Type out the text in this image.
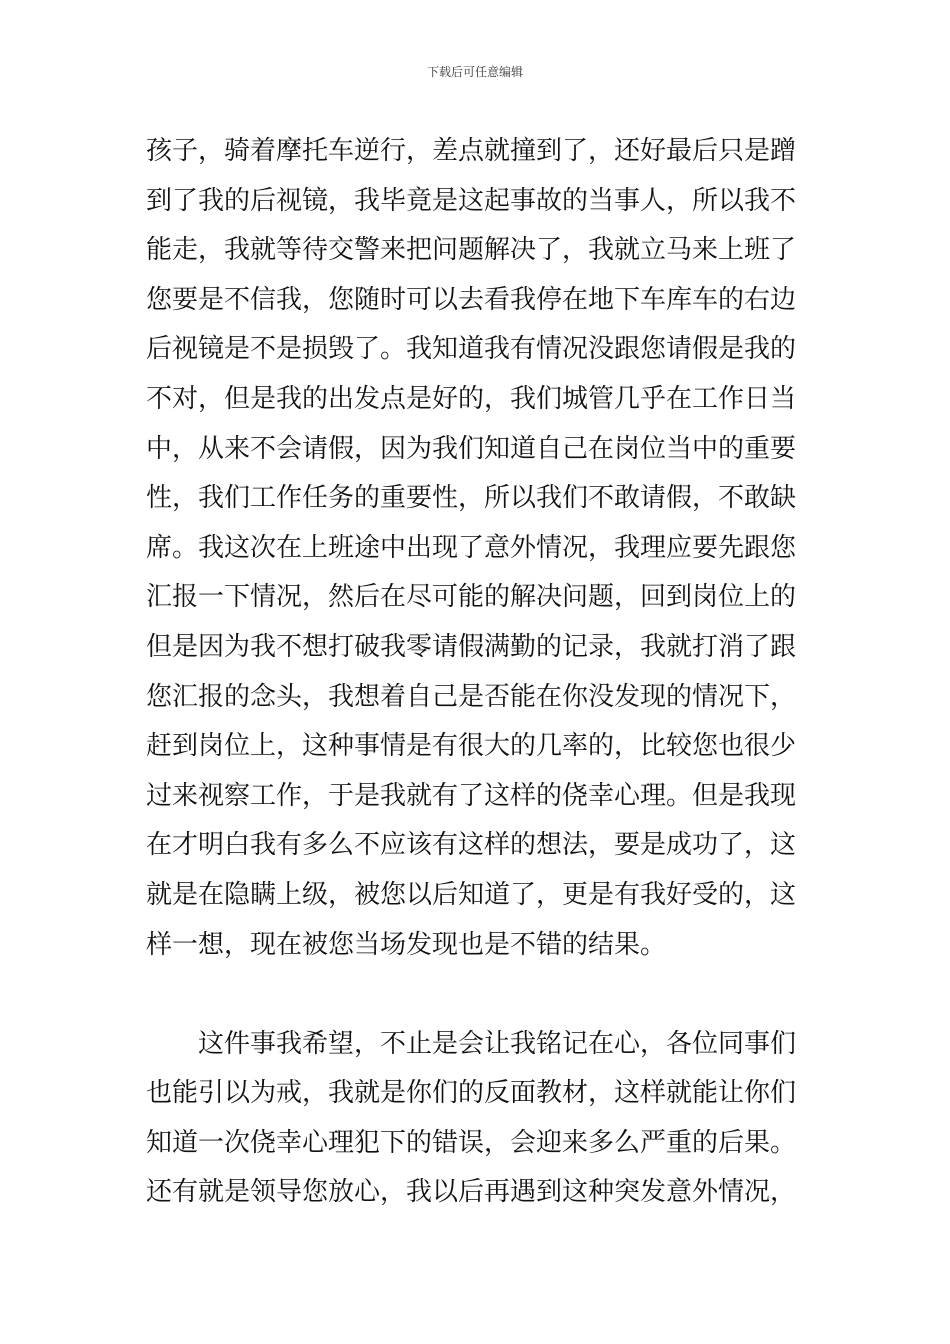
下载后可任意编辑
孩子，骑着摩托车逆行，差点就撞到了，还好最后只是蹭
到了我的后视镜，我毕竟是这起事故的当事人，所以我不
能走，我就等待交警来把问题解决了，我就立马来上班了
您要是不信我，您随时可以去看我停在地下车库车的右边
后视镜是不是损毁了。我知道我有情况没跟您请假是我的
不对，但是我的出发点是好的，我们城管几乎在工作日当
中，从来不会请假，因为我们知道自己在岗位当中的重要
性，我们工作任务的重要性，所以我们不敢请假，不敢缺
席。我这次在上班途中出现了意外情况，我理应要先跟您
汇报一下情况，然后在尽可能的解决问题，回到岗位上的
但是因为我不想打破我零请假满勤的记录，我就打消了跟
您汇报的念头，我想着自己是否能在你没发现的情况下，
赶到岗位上，这种事情是有很大的几率的，比较您也很少
过来视察工作，于是我就有了这样的侥幸心理。但是我现
在才明白我有多么不应该有这样的想法，要是成功了，这
就是在隐瞒上级，被您以后知道了，更是有我好受的，这
样一想，现在被您当场发现也是不错的结果。
这件事我希望，不止是会让我铭记在心，各位同事们
也能引以为戒，我就是你们的反面教材，这样就能让你们
知道一次侥幸心理犯下的错误，会迎来多么严重的后果。
还有就是领导您放心，我以后再遇到这种突发意外情况，
